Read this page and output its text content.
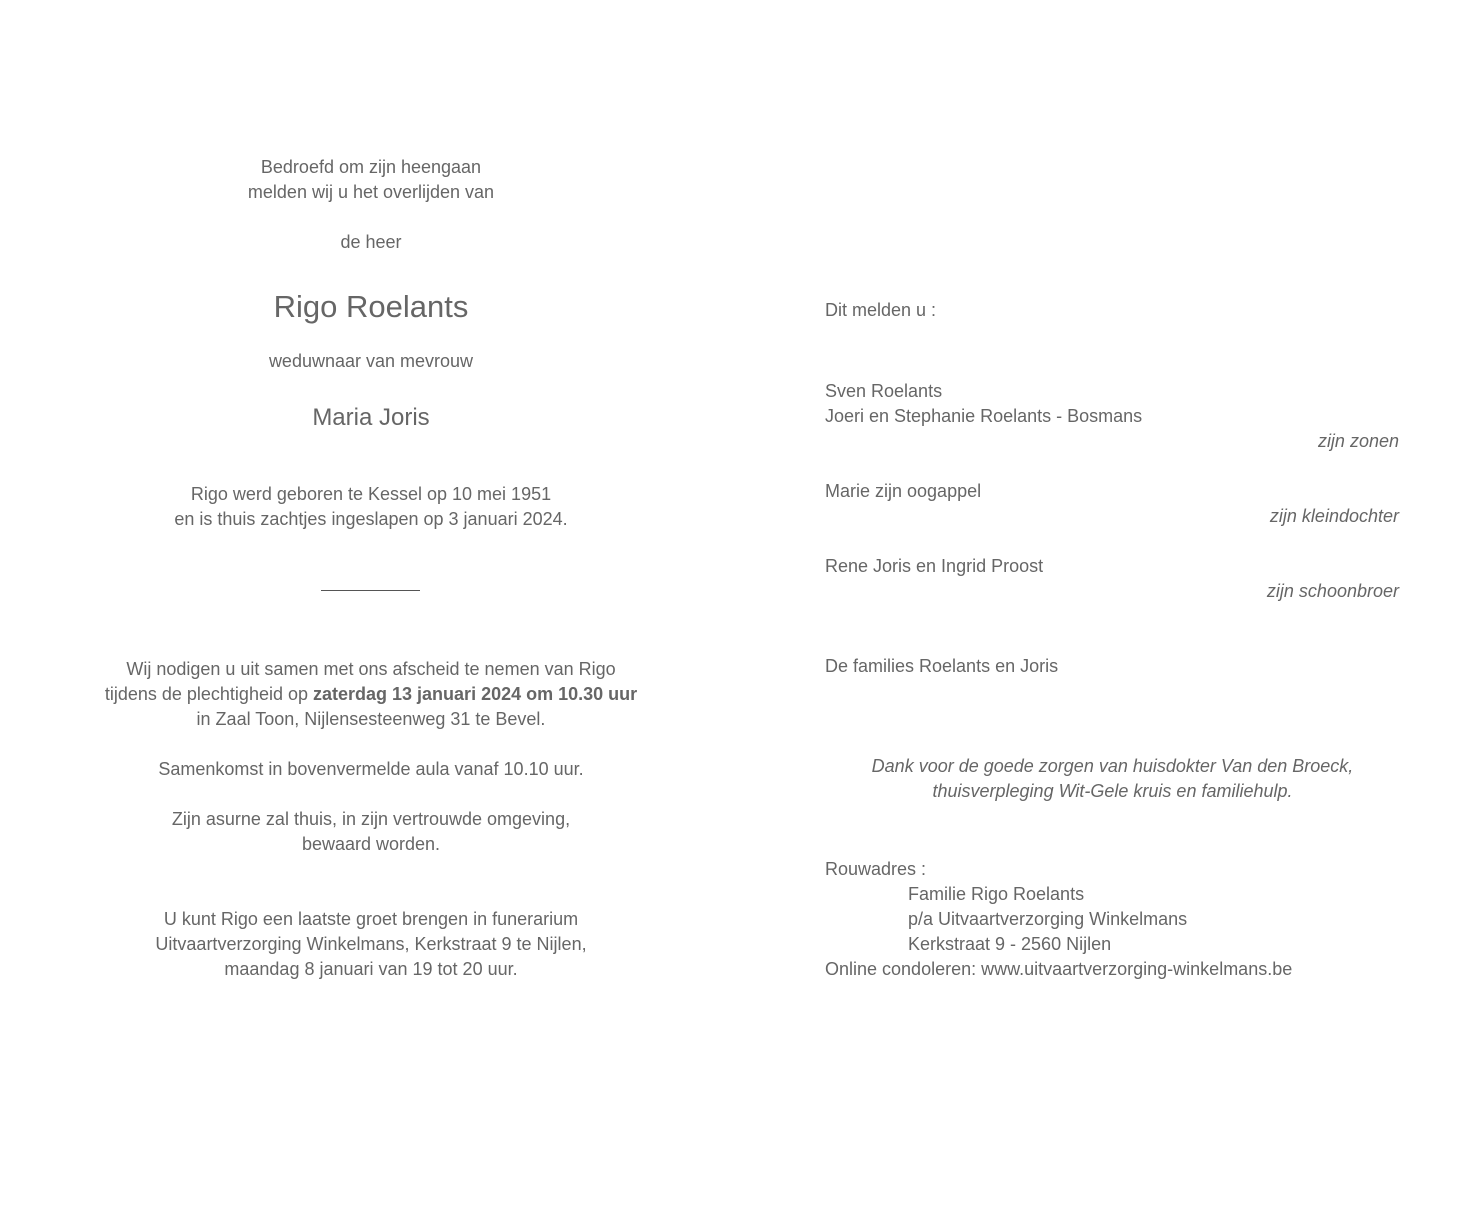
Bedroefd om zijn heengaan
melden wij u het overlijden van
de heer
Rigo Roelants
weduwnaar van mevrouw
Maria Joris
Rigo werd geboren te Kessel op 10 mei 1951
en is thuis zachtjes ingeslapen op 3 januari 2024.
Wij nodigen u uit samen met ons afscheid te nemen van Rigo
tijdens de plechtigheid op zaterdag 13 januari 2024 om 10.30 uur
in Zaal Toon, Nijlensesteenweg 31 te Bevel.
Samenkomst in bovenvermelde aula vanaf 10.10 uur.
Zijn asurne zal thuis, in zijn vertrouwde omgeving,
bewaard worden.
U kunt Rigo een laatste groet brengen in funerarium
Uitvaartverzorging Winkelmans, Kerkstraat 9 te Nijlen,
maandag 8 januari van 19 tot 20 uur.
Dit melden u :
Sven Roelants
Joeri en Stephanie Roelants - Bosmans
zijn zonen
Marie zijn oogappel
zijn kleindochter
Rene Joris en Ingrid Proost
zijn schoonbroer
De families Roelants en Joris
Dank voor de goede zorgen van huisdokter Van den Broeck,
thuisverpleging Wit-Gele kruis en familiehulp.
Rouwadres :
Familie Rigo Roelants
p/a Uitvaartverzorging Winkelmans
Kerkstraat 9 - 2560 Nijlen
Online condoleren: www.uitvaartverzorging-winkelmans.be
